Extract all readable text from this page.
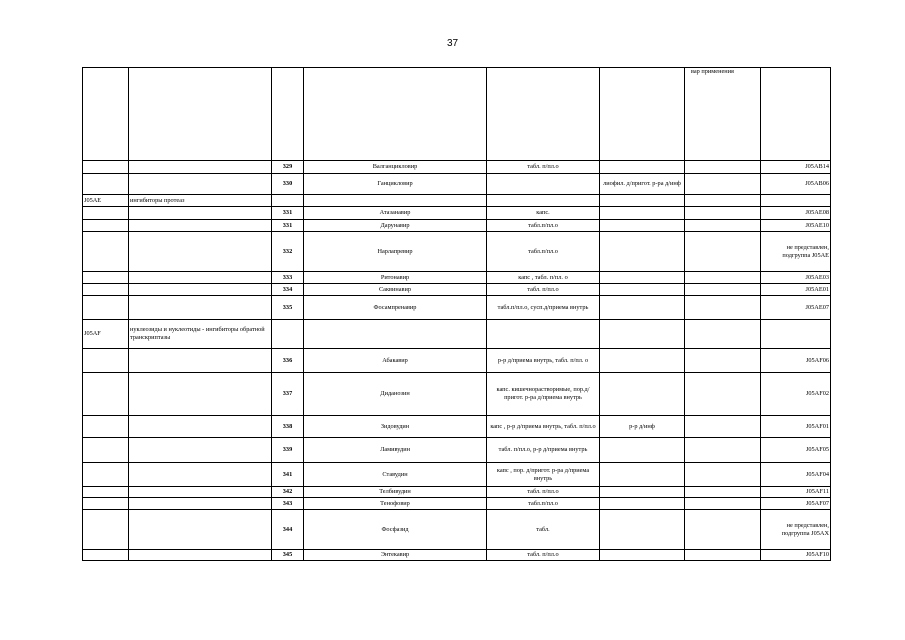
37
						вар применения	
		329	Валганцикловир	табл. п/пл.о			J05AB14
		330	Ганцикловир		лиофил. д/пригот. р-ра д/инф		J05AB06
J05AE	ингибиторы протеаз						
		331	Атазанавир	капс.			J05AE08
		331	Дарунавир	табл.п/пл.о			J05AE10
		332	Нарлапревир	табл.п/пл.о			не представлен, подгруппа J05AE
		333	Ритонавир	капс , табл. п/пл. о			J05AE03
		334	Саквинавир	табл. п/пл.о			J05AE01
		335	Фосампренавир	табл.п/пл.о, сусп.д/приема внутрь			J05AE07
J05AF	нуклеозиды и нуклеотиды - ингибиторы обратной транскриптазы						
		336	Абакавир	р-р д/приема внутрь, табл. п/пл. о			J05AF06
		337	Диданозин	капс. кишечнорастворимые, пор.д/пригот. р-ра д/приема внутрь			J05AF02
		338	Зидовудин	капс , р-р д/приема внутрь, табл. п/пл.о	р-р д/инф		J05AF01
		339	Ламивудин	табл. п/пл.о, р-р д/приема внутрь			J05AF05
		341	Ставудин	капс , пор. д/пригот. р-ра д/приема внутрь			J05AF04
		342	Телбивудин	табл. п/пл.о			J05AF11
		343	Тенофовир	табл.п/пл.о			J05AF07
		344	Фосфазид	табл.			не представлен, подгруппа J05AX
		345	Энтекавир	табл. п/пл.о			J05AF10
